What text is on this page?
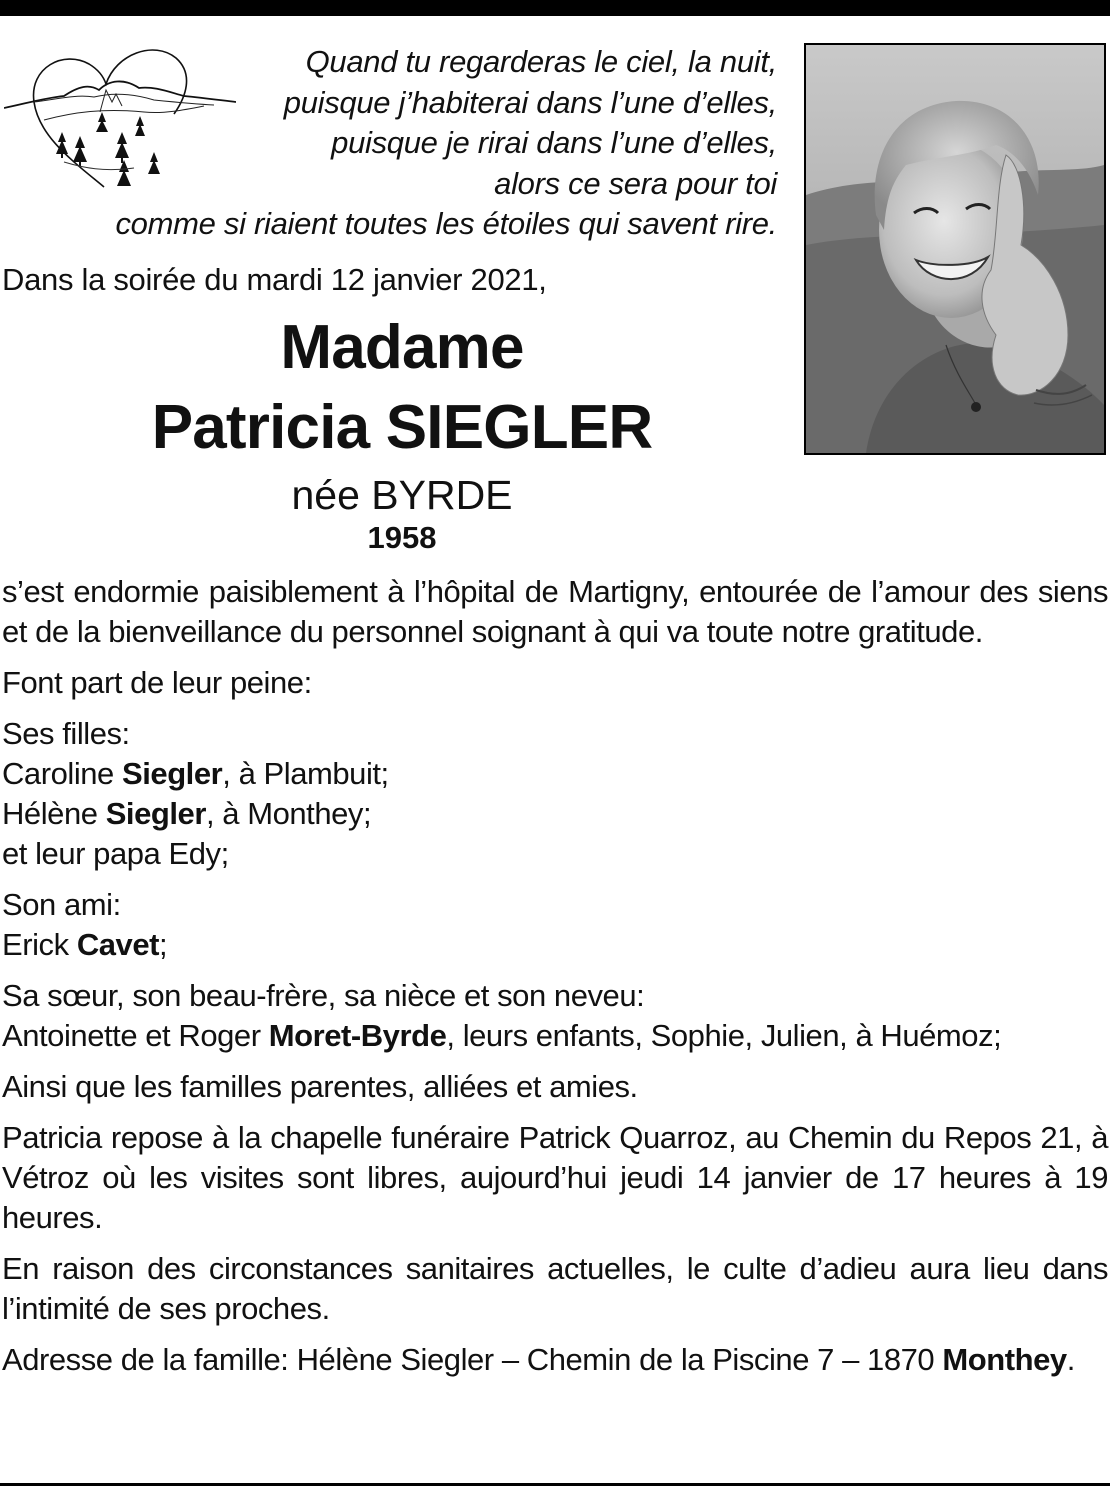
Quand tu regarderas le ciel, la nuit,
puisque j’habiterai dans l’une d’elles,
puisque je rirai dans l’une d’elles,
alors ce sera pour toi
comme si riaient toutes les étoiles qui savent rire.
Dans la soirée du mardi 12 janvier 2021,
Madame
Patricia SIEGLER
née BYRDE
1958

s’est endormie paisiblement à l’hôpital de Martigny, entourée de l’amour des siens et de la bienveillance du personnel soignant à qui va toute notre gratitude.

Font part de leur peine:

Ses filles:
Caroline Siegler, à Plambuit;
Hélène Siegler, à Monthey;
et leur papa Edy;

Son ami:
Erick Cavet;

Sa sœur, son beau-frère, sa nièce et son neveu:
Antoinette et Roger Moret-Byrde, leurs enfants, Sophie, Julien, à Huémoz;

Ainsi que les familles parentes, alliées et amies.

Patricia repose à la chapelle funéraire Patrick Quarroz, au Chemin du Repos 21, à Vétroz où les visites sont libres, aujourd’hui jeudi 14 janvier de 17 heures à 19 heures.

En raison des circonstances sanitaires actuelles, le culte d’adieu aura lieu dans l’intimité de ses proches.

Adresse de la famille: Hélène Siegler – Chemin de la Piscine 7 – 1870 Monthey.
